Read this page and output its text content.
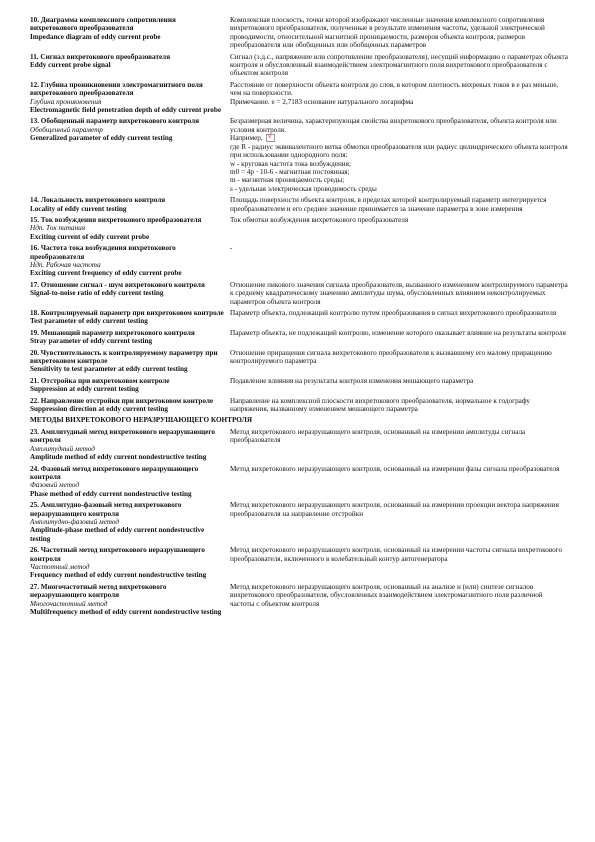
10. Диаграмма комплексного сопротивления вихретокового преобразователя
Impedance diagram of eddy current probe
Комплексная плоскость, точки которой изображают численные значения комплексного сопротивления вихретокового преобразователя, полученные в результате изменения частоты, удельной электрической проводимости, относительной магнитной проницаемости, размеров объекта контроля, размеров преобразователя или обобщенных или обобщенных параметров
11. Сигнал вихретокового преобразователя
Eddy current probe signal
Сигнал (э.д.с., напряжение или сопротивление преобразователя), несущий информацию о параметрах объекта контроля и обусловленный взаимодействием электромагнитного поля вихретокового преобразователя с объектом контроля
12. Глубина проникновения электромагнитного поля вихретокового преобразователя
Глубина проникновения
Electromagnetic field penetration depth of eddy current probe
Расстояние от поверхности объекта контроля до слоя, в котором плотность вихревых токов в е раз меньше, чем на поверхности.
Примечание. е = 2,7183 основание натурального логарифма
13. Обобщенный параметр вихретокового контроля
Обобщенный параметр
Generalized parameter of eddy current testing
Безразмерная величина, характеризующая свойства вихретокового преобразователя, объекта контроля или условия контроля.
Например,
×
где R - радиус эквивалентного витка обмотки преобразователя или радиус цилиндрического объекта контроля при использовании однородного поля:
w - круговая частота тока возбуждения;
m0 = 4p · 10-6 - магнитная постоянная;
m - магнитная проницаемость среды;
s - удельная электрическая проводимость среды
14. Локальность вихретокового контроля
Locality of eddy current testing
Площадь поверхности объекта контроля, в пределах которой контролируемый параметр интегрируется преобразователем и его среднее значение принимается за значение параметра в зоне измерения
15. Ток возбуждения вихретокового преобразователя
Ндп. Ток питания
Exciting current of eddy current probe
Ток обмотки возбуждения вихретокового преобразователя
16. Частота тока возбуждения вихретокового преобразователя
Ндп. Рабочая частота
Exciting current frequency of eddy current probe
-
17. Отношение сигнал - шум вихретокового контроля
Signal-to-noise ratio of eddy current testing
Отношение пикового значения сигнала преобразователя, вызванного изменением контролируемого параметра к среднему квадратическому значению амплитуды шума, обусловленных влиянием неконтролируемых параметров объекта контроля
18. Контролируемый параметр при вихретоковом контроле
Test parameter of eddy current testing
Параметр объекта, подлежащий контролю путем преобразования в сигнал вихретокового преобразователя
19. Мешающий параметр вихретокового контроля
Stray parameter of eddy current testing
Параметр объекта, не подлежащий контролю, изменение которого оказывает влияние на результаты контроля
20. Чувствительность к контролируемому параметру при вихретоковом контроле
Sensitivity to test parameter at eddy current testing
Отношение приращения сигнала вихретокового преобразователя к вызвавшему его малому приращению контролируемого параметра
21. Отстройка при вихретоковом контроле
Suppression at eddy current testing
Подавление влияния на результаты контроля изменения мешающего параметра
22. Направление отстройки при вихретоковом контроле
Suppression direction at eddy current testing
Направление на комплексной плоскости вихретокового преобразователя, нормальное к годографу напряжения, вызванному изменением мешающего параметра
МЕТОДЫ ВИХРЕТОКОВОГО НЕРАЗРУШАЮЩЕГО КОНТРОЛЯ
23. Амплитудный метод вихретокового неразрушающего контроля
Амплитудный метод
Amplitude method of eddy current nondestructive testing
Метод вихретокового неразрушающего контроля, основанный на измерении амплитуды сигнала преобразователя
24. Фазовый метод вихретокового неразрушающего контроля
Фазовый метод
Phase method of eddy current nondestructive testing
Метод вихретокового неразрушающего контроля, основанный на измерении фазы сигнала преобразователя
25. Амплитудно-фазовый метод вихретокового неразрушающего контроля
Амплитудно-фазовый метод
Amplitude-phase method of eddy current nondestructive testing
Метод вихретокового неразрушающего контроля, основанный на измерении проекции вектора напряжения преобразователя на направление отстройки
26. Частотный метод вихретокового неразрушающего контроля
Частотный метод
Frequency method of eddy current nondestructive testing
Метод вихретокового неразрушающего контроля, основанный на измерении частоты сигнала вихретокового преобразователя, включенного в колебательный контур автогенератора
27. Многочастотный метод вихретокового неразрушающего контроля
Многочастотный метод
Multifrequency method of eddy current nondestructive testing
Метод вихретокового неразрушающего контроля, основанный на анализе и (или) синтезе сигналов вихретокового преобразователя, обусловленных взаимодействием электромагнитного поля различной частоты с объектом контроля
